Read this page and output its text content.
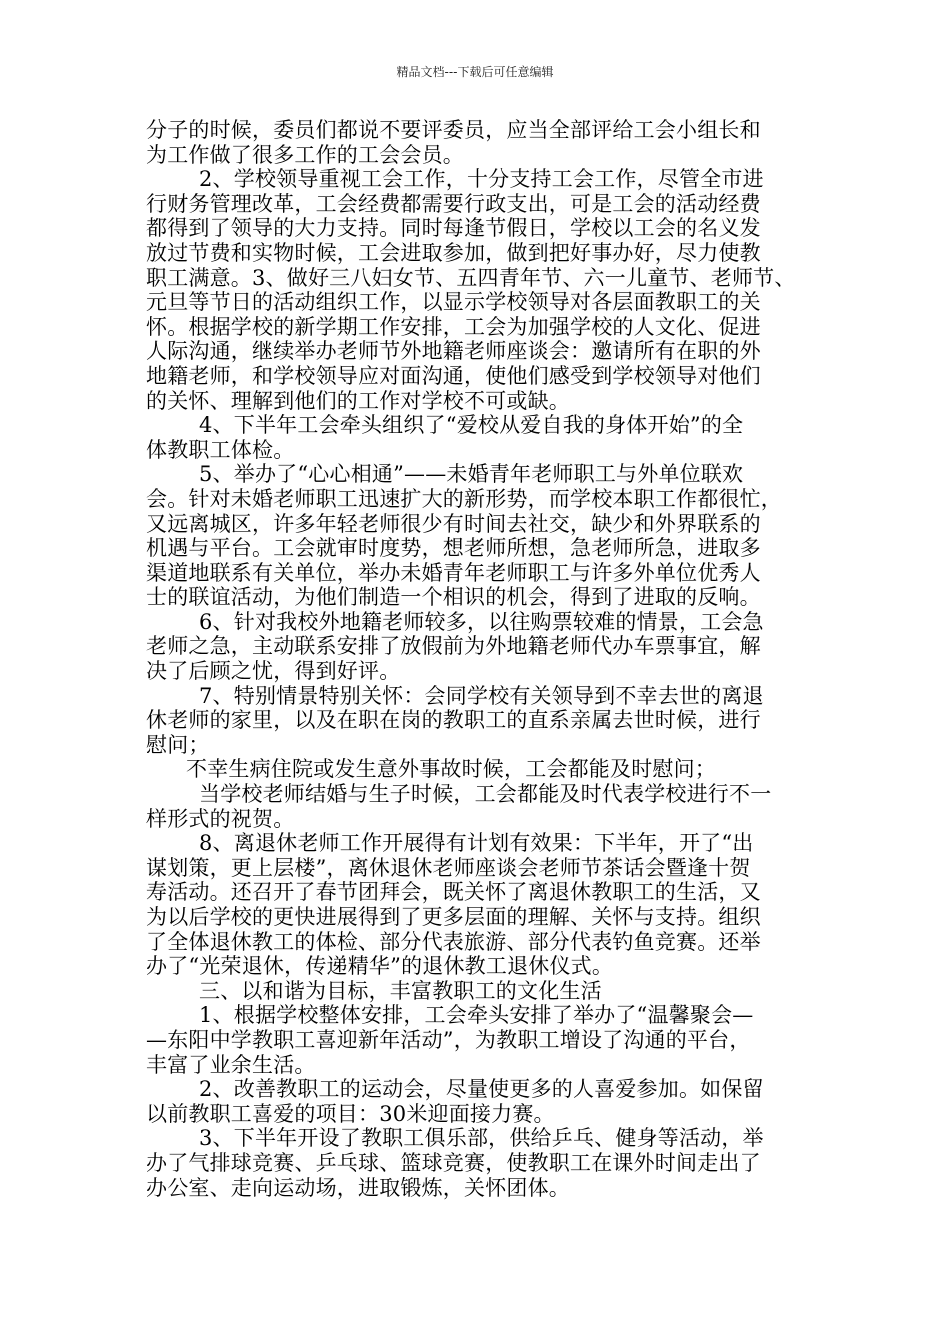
精品文档---下载后可任意编辑
分子的时候，委员们都说不要评委员，应当全部评给工会小组长和
为工作做了很多工作的工会会员。
2、学校领导重视工会工作，十分支持工会工作，尽管全市进
行财务管理改革，工会经费都需要行政支出，可是工会的活动经费
都得到了领导的大力支持。同时每逢节假日，学校以工会的名义发
放过节费和实物时候，工会进取参加，做到把好事办好，尽力使教
职工满意。3、做好三八妇女节、五四青年节、六一儿童节、老师节、
元旦等节日的活动组织工作，以显示学校领导对各层面教职工的关
怀。根据学校的新学期工作安排，工会为加强学校的人文化、促进
人际沟通，继续举办老师节外地籍老师座谈会：邀请所有在职的外
地籍老师，和学校领导应对面沟通，使他们感受到学校领导对他们
的关怀、理解到他们的工作对学校不可或缺。
4、下半年工会牵头组织了“爱校从爱自我的身体开始”的全
体教职工体检。
5、举办了“心心相通”——未婚青年老师职工与外单位联欢
会。针对未婚老师职工迅速扩大的新形势，而学校本职工作都很忙，
又远离城区，许多年轻老师很少有时间去社交，缺少和外界联系的
机遇与平台。工会就审时度势，想老师所想，急老师所急，进取多
渠道地联系有关单位，举办未婚青年老师职工与许多外单位优秀人
士的联谊活动，为他们制造一个相识的机会，得到了进取的反响。
6、针对我校外地籍老师较多，以往购票较难的情景，工会急
老师之急，主动联系安排了放假前为外地籍老师代办车票事宜，解
决了后顾之忧，得到好评。
7、特别情景特别关怀：会同学校有关领导到不幸去世的离退
休老师的家里，以及在职在岗的教职工的直系亲属去世时候，进行
慰问；
不幸生病住院或发生意外事故时候，工会都能及时慰问；
当学校老师结婚与生子时候，工会都能及时代表学校进行不一
样形式的祝贺。
8、离退休老师工作开展得有计划有效果：下半年，开了“出
谋划策，更上层楼”，离休退休老师座谈会老师节茶话会暨逢十贺
寿活动。还召开了春节团拜会，既关怀了离退休教职工的生活，又
为以后学校的更快进展得到了更多层面的理解、关怀与支持。组织
了全体退休教工的体检、部分代表旅游、部分代表钓鱼竞赛。还举
办了“光荣退休，传递精华”的退休教工退休仪式。
三、以和谐为目标，丰富教职工的文化生活
1、根据学校整体安排，工会牵头安排了举办了“温馨聚会—
—东阳中学教职工喜迎新年活动”，为教职工增设了沟通的平台，
丰富了业余生活。
2、改善教职工的运动会，尽量使更多的人喜爱参加。如保留
以前教职工喜爱的项目：30米迎面接力赛。
3、下半年开设了教职工俱乐部，供给乒乓、健身等活动，举
办了气排球竞赛、乒乓球、篮球竞赛，使教职工在课外时间走出了
办公室、走向运动场，进取锻炼，关怀团体。
